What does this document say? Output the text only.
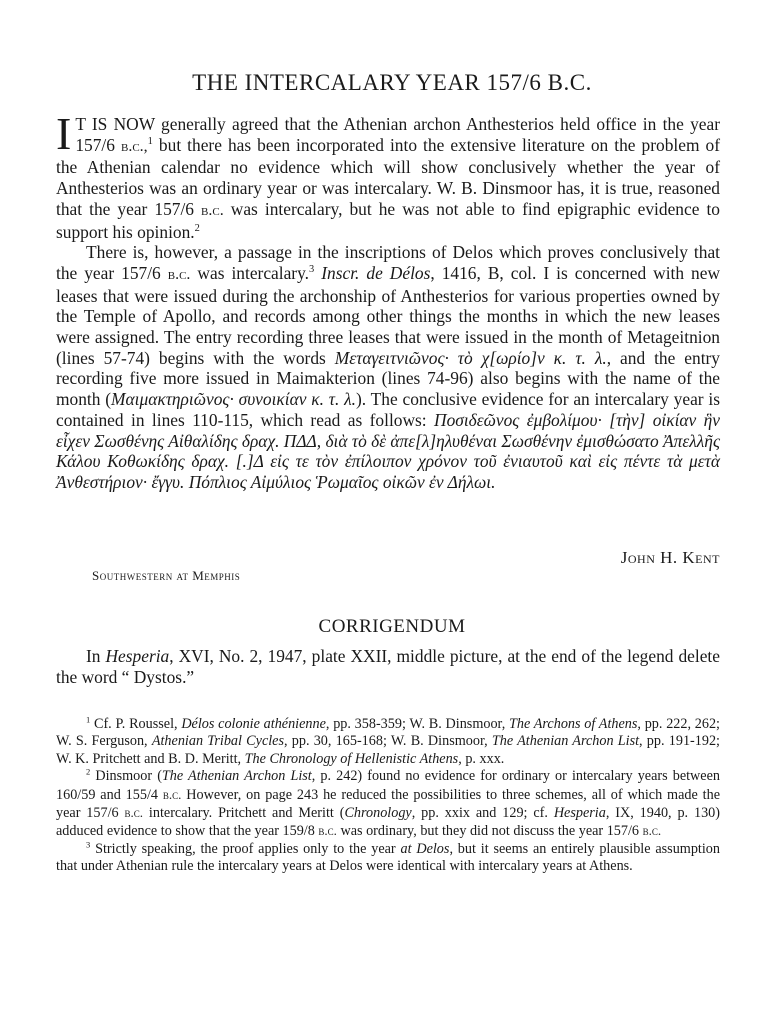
THE INTERCALARY YEAR 157/6 B.C.

I T IS NOW generally agreed that the Athenian archon Anthesterios held office in the year 157/6 b.c.,$^1$ but there has been incorporated into the extensive literature on the problem of the Athenian calendar no evidence which will show conclusively whether the year of Anthesterios was an ordinary year or was intercalary. W. B. Dinsmoor has, it is true, reasoned that the year 157/6 b.c. was intercalary, but he was not able to find epigraphic evidence to support his opinion.$^2$

There is, however, a passage in the inscriptions of Delos which proves conclusively that the year 157/6 b.c. was intercalary.$^3$ Inscr. de Délos, 1416, B, col. I is concerned with new leases that were issued during the archonship of Anthesterios for various properties owned by the Temple of Apollo, and records among other things the months in which the new leases were assigned. The entry recording three leases that were issued in the month of Metageitnion (lines 57-74) begins with the words Μεταγειτνιῶνος· τὸ χ[ωρίο]ν κ. τ. λ., and the entry recording five more issued in Maimakterion (lines 74-96) also begins with the name of the month (Μαιμακτηριῶνος· συνοικίαν κ. τ. λ.). The conclusive evidence for an intercalary year is contained in lines 110-115, which read as follows: Ποσιδεῶνος ἐμβολίμου· [τὴν] οἰκίαν ἣν εἶχεν Σωσθένης Αἰθαλίδης δραχ. ΠΔΔ, διὰ τὸ δὲ ἀπε[λ]ηλυθέναι Σωσθένην ἐμισθώσατο Ἀπελλῆς Κάλου Κοθωκίδης δραχ. [.]Δ εἰς τε τὸν ἐπίλοιπον χρόνον τοῦ ἐνιαυτοῦ καὶ εἰς πέντε τὰ μετὰ Ἀνθεστήριον· ἔγγυ. Πόπλιος Αἰμύλιος Ῥωμαῖος οἰκῶν ἐν Δήλωι.

John H. Kent
Southwestern at Memphis
CORRIGENDUM

In Hesperia, XVI, No. 2, 1947, plate XXII, middle picture, at the end of the legend delete the word “ Dystos.”

$^1$ Cf. P. Roussel, Délos colonie athénienne, pp. 358-359; W. B. Dinsmoor, The Archons of Athens, pp. 222, 262; W. S. Ferguson, Athenian Tribal Cycles, pp. 30, 165-168; W. B. Dinsmoor, The Athenian Archon List, pp. 191-192; W. K. Pritchett and B. D. Meritt, The Chronology of Hellenistic Athens, p. xxx.

$^2$ Dinsmoor (The Athenian Archon List, p. 242) found no evidence for ordinary or intercalary years between 160/59 and 155/4 b.c. However, on page 243 he reduced the possibilities to three schemes, all of which made the year 157/6 b.c. intercalary. Pritchett and Meritt (Chronology, pp. xxix and 129; cf. Hesperia, IX, 1940, p. 130) adduced evidence to show that the year 159/8 b.c. was ordinary, but they did not discuss the year 157/6 b.c.

$^3$ Strictly speaking, the proof applies only to the year at Delos, but it seems an entirely plausible assumption that under Athenian rule the intercalary years at Delos were identical with intercalary years at Athens.
